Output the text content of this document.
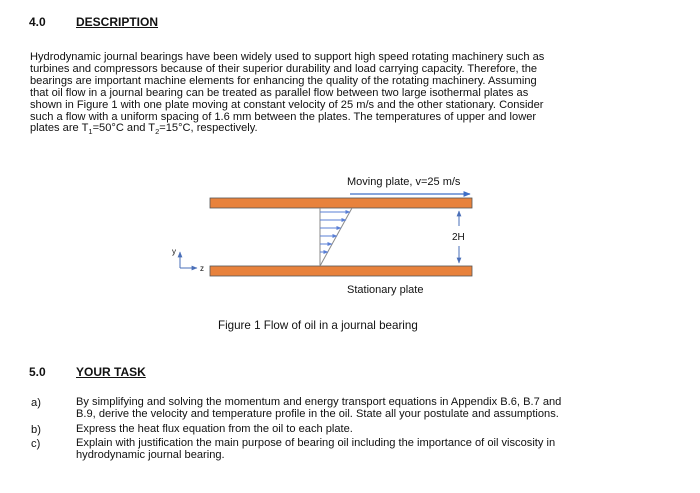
4.0	DESCRIPTION
Hydrodynamic journal bearings have been widely used to support high speed rotating machinery such as
turbines and compressors because of their superior durability and load carrying capacity. Therefore, the
bearings are important machine elements for enhancing the quality of the rotating machinery. Assuming
that oil flow in a journal bearing can be treated as parallel flow between two large isothermal plates as
shown in Figure 1 with one plate moving at constant velocity of 25 m/s and the other stationary. Consider
such a flow with a uniform spacing of 1.6 mm between the plates. The temperatures of upper and lower
plates are $T_1=50^\circ C$ and $T_2=15^\circ C$, respectively.
Moving plate, v=25 m/s
2H
y
z
Stationary plate
Figure 1 Flow of oil in a journal bearing
5.0	YOUR TASK
a)	By simplifying and solving the momentum and energy transport equations in Appendix B.6, B.7 and
B.9, derive the velocity and temperature profile in the oil. State all your postulate and assumptions.
b)	Express the heat flux equation from the oil to each plate.
c)	Explain with justification the main purpose of bearing oil including the importance of oil viscosity in
hydrodynamic journal bearing.
